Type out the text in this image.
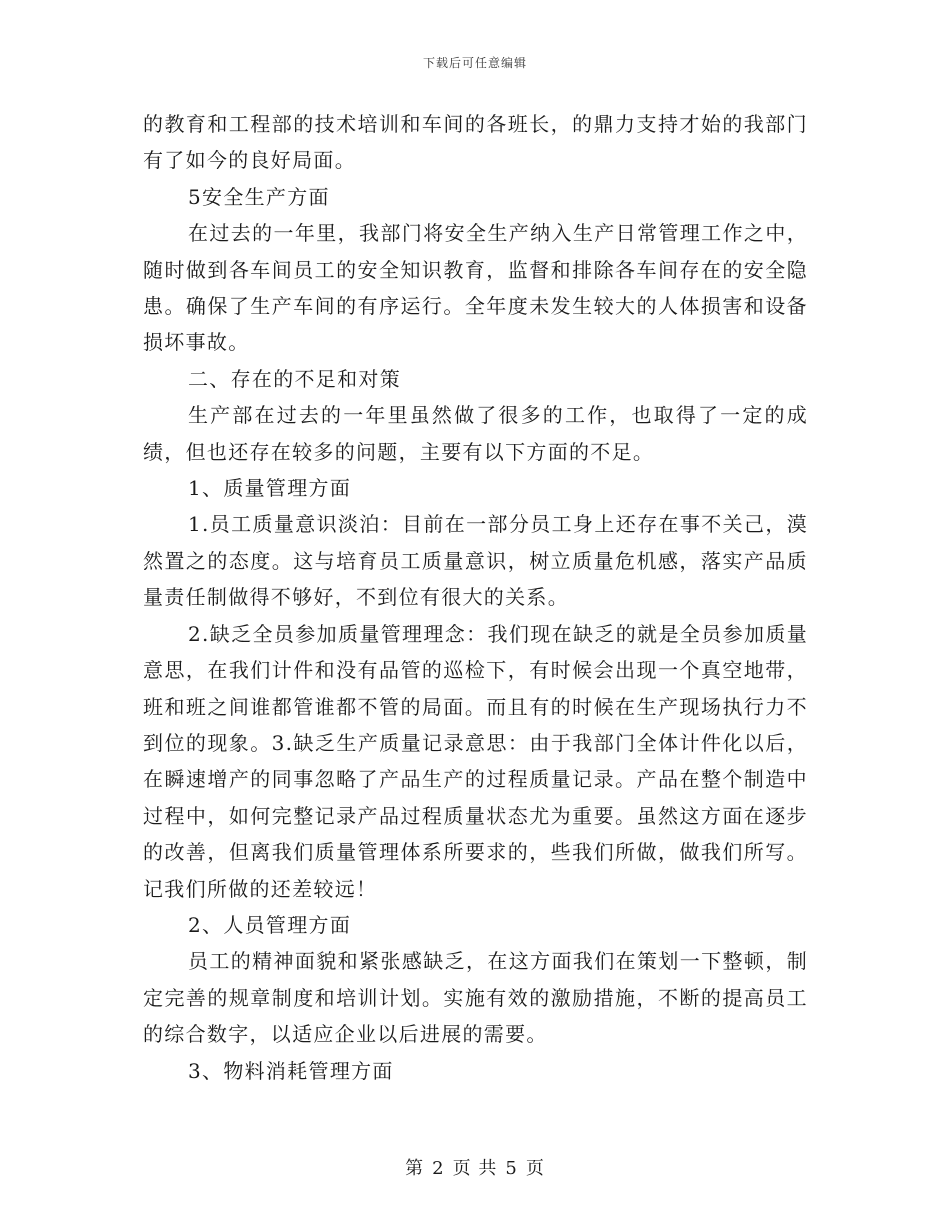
下载后可任意编辑

的教育和工程部的技术培训和车间的各班长，的鼎力支持才始的我部门有了如今的良好局面。

5安全生产方面

在过去的一年里，我部门将安全生产纳入生产日常管理工作之中，随时做到各车间员工的安全知识教育，监督和排除各车间存在的安全隐患。确保了生产车间的有序运行。全年度未发生较大的人体损害和设备损坏事故。

二、存在的不足和对策

生产部在过去的一年里虽然做了很多的工作，也取得了一定的成绩，但也还存在较多的问题，主要有以下方面的不足。

1、质量管理方面

1.员工质量意识淡泊：目前在一部分员工身上还存在事不关己，漠然置之的态度。这与培育员工质量意识，树立质量危机感，落实产品质量责任制做得不够好，不到位有很大的关系。

2.缺乏全员参加质量管理理念：我们现在缺乏的就是全员参加质量意思，在我们计件和没有品管的巡检下，有时候会出现一个真空地带，班和班之间谁都管谁都不管的局面。而且有的时候在生产现场执行力不到位的现象。3.缺乏生产质量记录意思：由于我部门全体计件化以后，在瞬速增产的同事忽略了产品生产的过程质量记录。产品在整个制造中过程中，如何完整记录产品过程质量状态尤为重要。虽然这方面在逐步的改善，但离我们质量管理体系所要求的，些我们所做，做我们所写。记我们所做的还差较远！

2、人员管理方面

员工的精神面貌和紧张感缺乏，在这方面我们在策划一下整顿，制定完善的规章制度和培训计划。实施有效的激励措施，不断的提高员工的综合数字，以适应企业以后进展的需要。

3、物料消耗管理方面

第 2 页 共 5 页
